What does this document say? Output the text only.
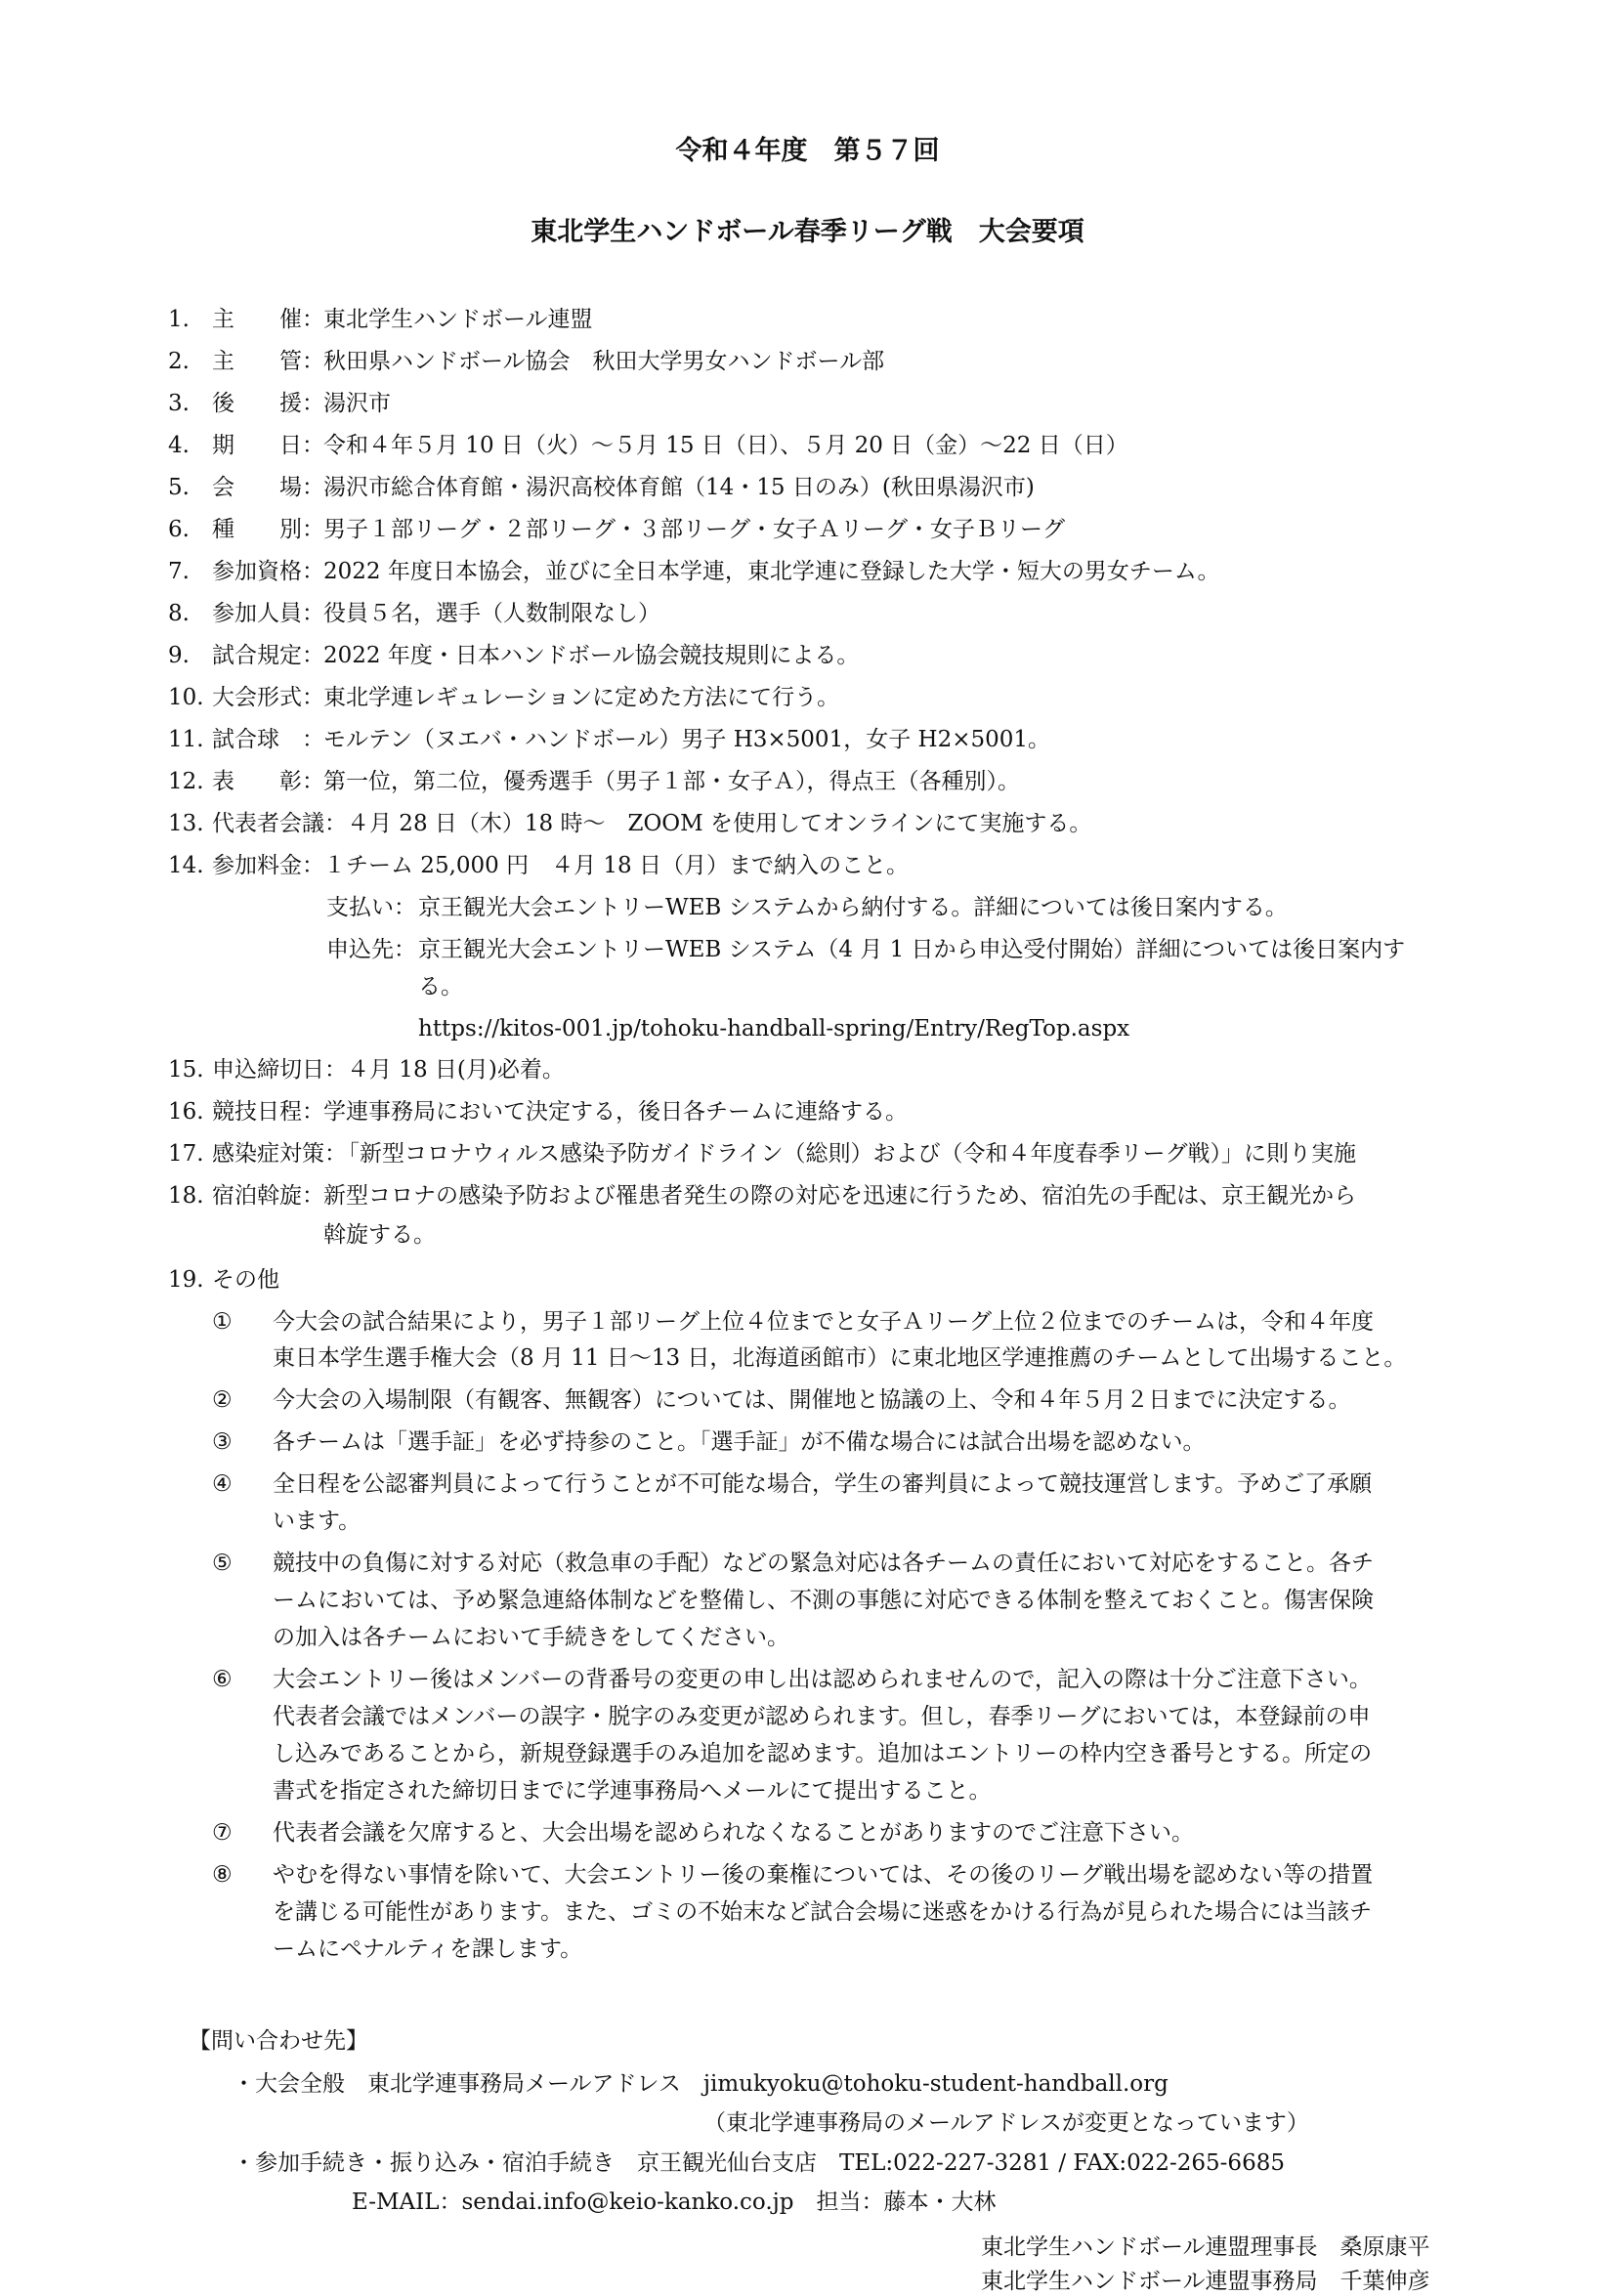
令和４年度　第５７回
東北学生ハンドボール春季リーグ戦　大会要項
1. 主　　催： 東北学生ハンドボール連盟
2. 主　　管： 秋田県ハンドボール協会　秋田大学男女ハンドボール部
3. 後　　援： 湯沢市
4. 期　　日： 令和４年５月 10 日（火）〜５月 15 日（日）、５月 20 日（金）〜22 日（日）
5. 会　　場： 湯沢市総合体育館・湯沢高校体育館（14・15 日のみ）(秋田県湯沢市)
6. 種　　別： 男子１部リーグ・２部リーグ・３部リーグ・女子Ａリーグ・女子Ｂリーグ
7. 参加資格： 2022 年度日本協会，並びに全日本学連，東北学連に登録した大学・短大の男女チーム。
8. 参加人員： 役員５名，選手（人数制限なし）
9. 試合規定： 2022 年度・日本ハンドボール協会競技規則による。
10. 大会形式： 東北学連レギュレーションに定めた方法にて行う。
11. 試合球　： モルテン（ヌエバ・ハンドボール）男子 H3×5001，女子 H2×5001。
12. 表　　彰： 第一位，第二位，優秀選手（男子１部・女子Ａ），得点王（各種別）。
13. 代表者会議： ４月 28 日（木）18 時〜　ZOOM を使用してオンラインにて実施する。
14. 参加料金： １チーム 25,000 円　４月 18 日（月）まで納入のこと。
支払い： 京王観光大会エントリーWEB システムから納付する。詳細については後日案内する。
申込先： 京王観光大会エントリーWEB システム（4 月 1 日から申込受付開始）詳細については後日案内す
る。
https://kitos-001.jp/tohoku-handball-spring/Entry/RegTop.aspx
15. 申込締切日： ４月 18 日(月)必着。
16. 競技日程： 学連事務局において決定する，後日各チームに連絡する。
17. 感染症対策：
「新型コロナウィルス感染予防ガイドライン（総則）および（令和４年度春季リーグ戦）」に則り実施
18. 宿泊斡旋： 新型コロナの感染予防および罹患者発生の際の対応を迅速に行うため、宿泊先の手配は、京王観光から
斡旋する。
19. その他
① 今大会の試合結果により，男子１部リーグ上位４位までと女子Ａリーグ上位２位までのチームは，令和４年度
東日本学生選手権大会（8 月 11 日〜13 日，北海道函館市）に東北地区学連推薦のチームとして出場すること。
② 今大会の入場制限（有観客、無観客）については、開催地と協議の上、令和４年５月２日までに決定する。
③ 各チームは「選手証」を必ず持参のこと。「選手証」が不備な場合には試合出場を認めない。
④ 全日程を公認審判員によって行うことが不可能な場合，学生の審判員によって競技運営します。予めご了承願
います。
⑤ 競技中の負傷に対する対応（救急車の手配）などの緊急対応は各チームの責任において対応をすること。各チ
ームにおいては、予め緊急連絡体制などを整備し、不測の事態に対応できる体制を整えておくこと。傷害保険
の加入は各チームにおいて手続きをしてください。
⑥ 大会エントリー後はメンバーの背番号の変更の申し出は認められませんので，記入の際は十分ご注意下さい。
代表者会議ではメンバーの誤字・脱字のみ変更が認められます。但し，春季リーグにおいては，本登録前の申
し込みであることから，新規登録選手のみ追加を認めます。追加はエントリーの枠内空き番号とする。所定の
書式を指定された締切日までに学連事務局へメールにて提出すること。
⑦ 代表者会議を欠席すると、大会出場を認められなくなることがありますのでご注意下さい。
⑧ やむを得ない事情を除いて、大会エントリー後の棄権については、その後のリーグ戦出場を認めない等の措置
を講じる可能性があります。また、ゴミの不始末など試合会場に迷惑をかける行為が見られた場合には当該チ
ームにペナルティを課します。
【問い合わせ先】
・大会全般　東北学連事務局メールアドレス　jimukyoku@tohoku-student-handball.org
（東北学連事務局のメールアドレスが変更となっています）
・参加手続き・振り込み・宿泊手続き　京王観光仙台支店　TEL:022-227-3281 / FAX:022-265-6685
E-MAIL：sendai.info@keio-kanko.co.jp　担当：藤本・大林
東北学生ハンドボール連盟理事長　桑原康平
東北学生ハンドボール連盟事務局　千葉伸彦
